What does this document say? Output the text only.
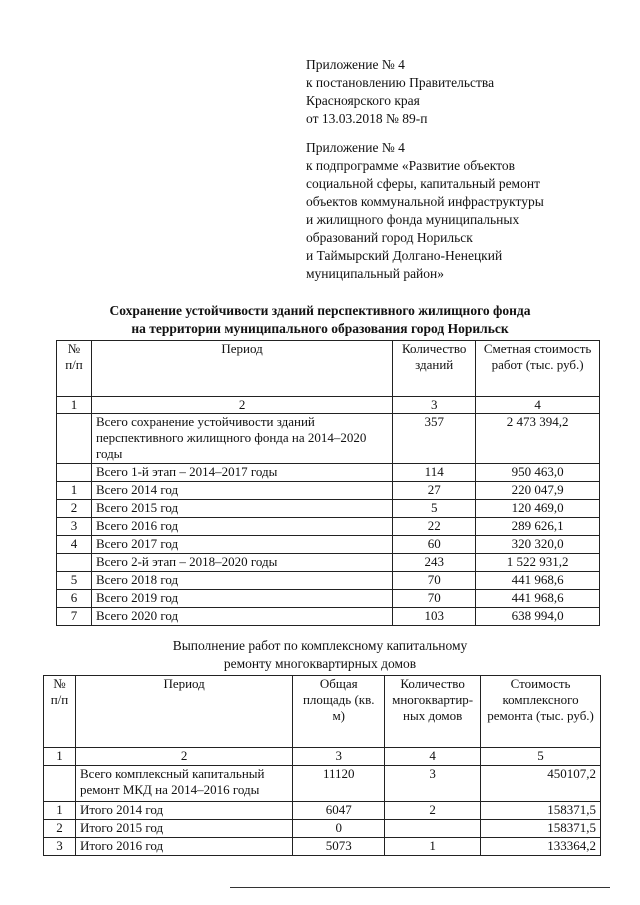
Приложение № 4
к постановлению Правительства
Красноярского края
от 13.03.2018 № 89-п
Приложение № 4
к подпрограмме «Развитие объектов
социальной сферы, капитальный ремонт
объектов коммунальной инфраструктуры
и жилищного фонда муниципальных
образований город Норильск
и Таймырский Долгано-Ненецкий
муниципальный район»
Сохранение устойчивости зданий перспективного жилищного фонда
на территории муниципального образования город Норильск
№ п/п	Период	Количество зданий	Сметная стоимость работ (тыс. руб.)
1	2	3	4
	Всего сохранение устойчивости зданий перспективного жилищного фонда на 2014–2020 годы	357	2 473 394,2
	Всего 1-й этап – 2014–2017 годы	114	950 463,0
1	Всего 2014 год	27	220 047,9
2	Всего 2015 год	5	120 469,0
3	Всего 2016 год	22	289 626,1
4	Всего 2017 год	60	320 320,0
	Всего 2-й этап – 2018–2020 годы	243	1 522 931,2
5	Всего 2018 год	70	441 968,6
6	Всего 2019 год	70	441 968,6
7	Всего 2020 год	103	638 994,0
Выполнение работ по комплексному капитальному
ремонту многоквартирных домов
№ п/п	Период	Общая площадь (кв. м)	Количество многоквартир-ных домов	Стоимость комплексного ремонта (тыс. руб.)
1	2	3	4	5
	Всего комплексный капитальный ремонт МКД на 2014–2016 годы	11120	3	450107,2
1	Итого 2014 год	6047	2	158371,5
2	Итого 2015 год	0		158371,5
3	Итого 2016 год	5073	1	133364,2
